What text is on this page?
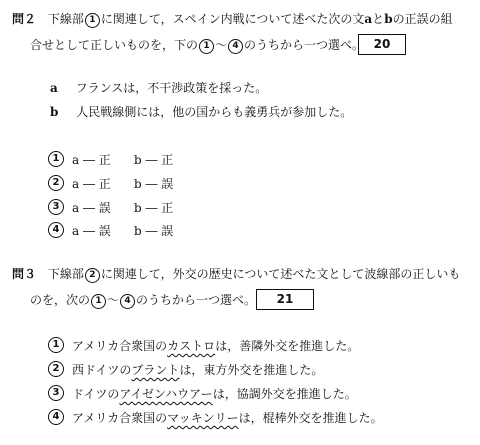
問２ 下線部 1 に関連して，スペイン内戦について述べた次の文aとbの正誤の組
合せとして正しいものを，下の 1 〜 4 のうちから一つ選べ。 20
a フランスは，不干渉政策を採った。
b 人民戦線側には，他の国からも義勇兵が参加した。
1	a ― 正 b ― 正
2	a ― 正 b ― 誤
3	a ― 誤 b ― 正
4	a ― 誤 b ― 誤
問３ 下線部 2 に関連して，外交の歴史について述べた文として波線部の正しいも
のを，次の 1 〜 4 のうちから一つ選べ。	21
1	アメリカ合衆国のカストロは，善隣外交を推進した。
2	西ドイツのブラントは，東方外交を推進した。
3	ドイツのアイゼンハウアーは，協調外交を推進した。
4	アメリカ合衆国のマッキンリーは，棍棒外交を推進した。
